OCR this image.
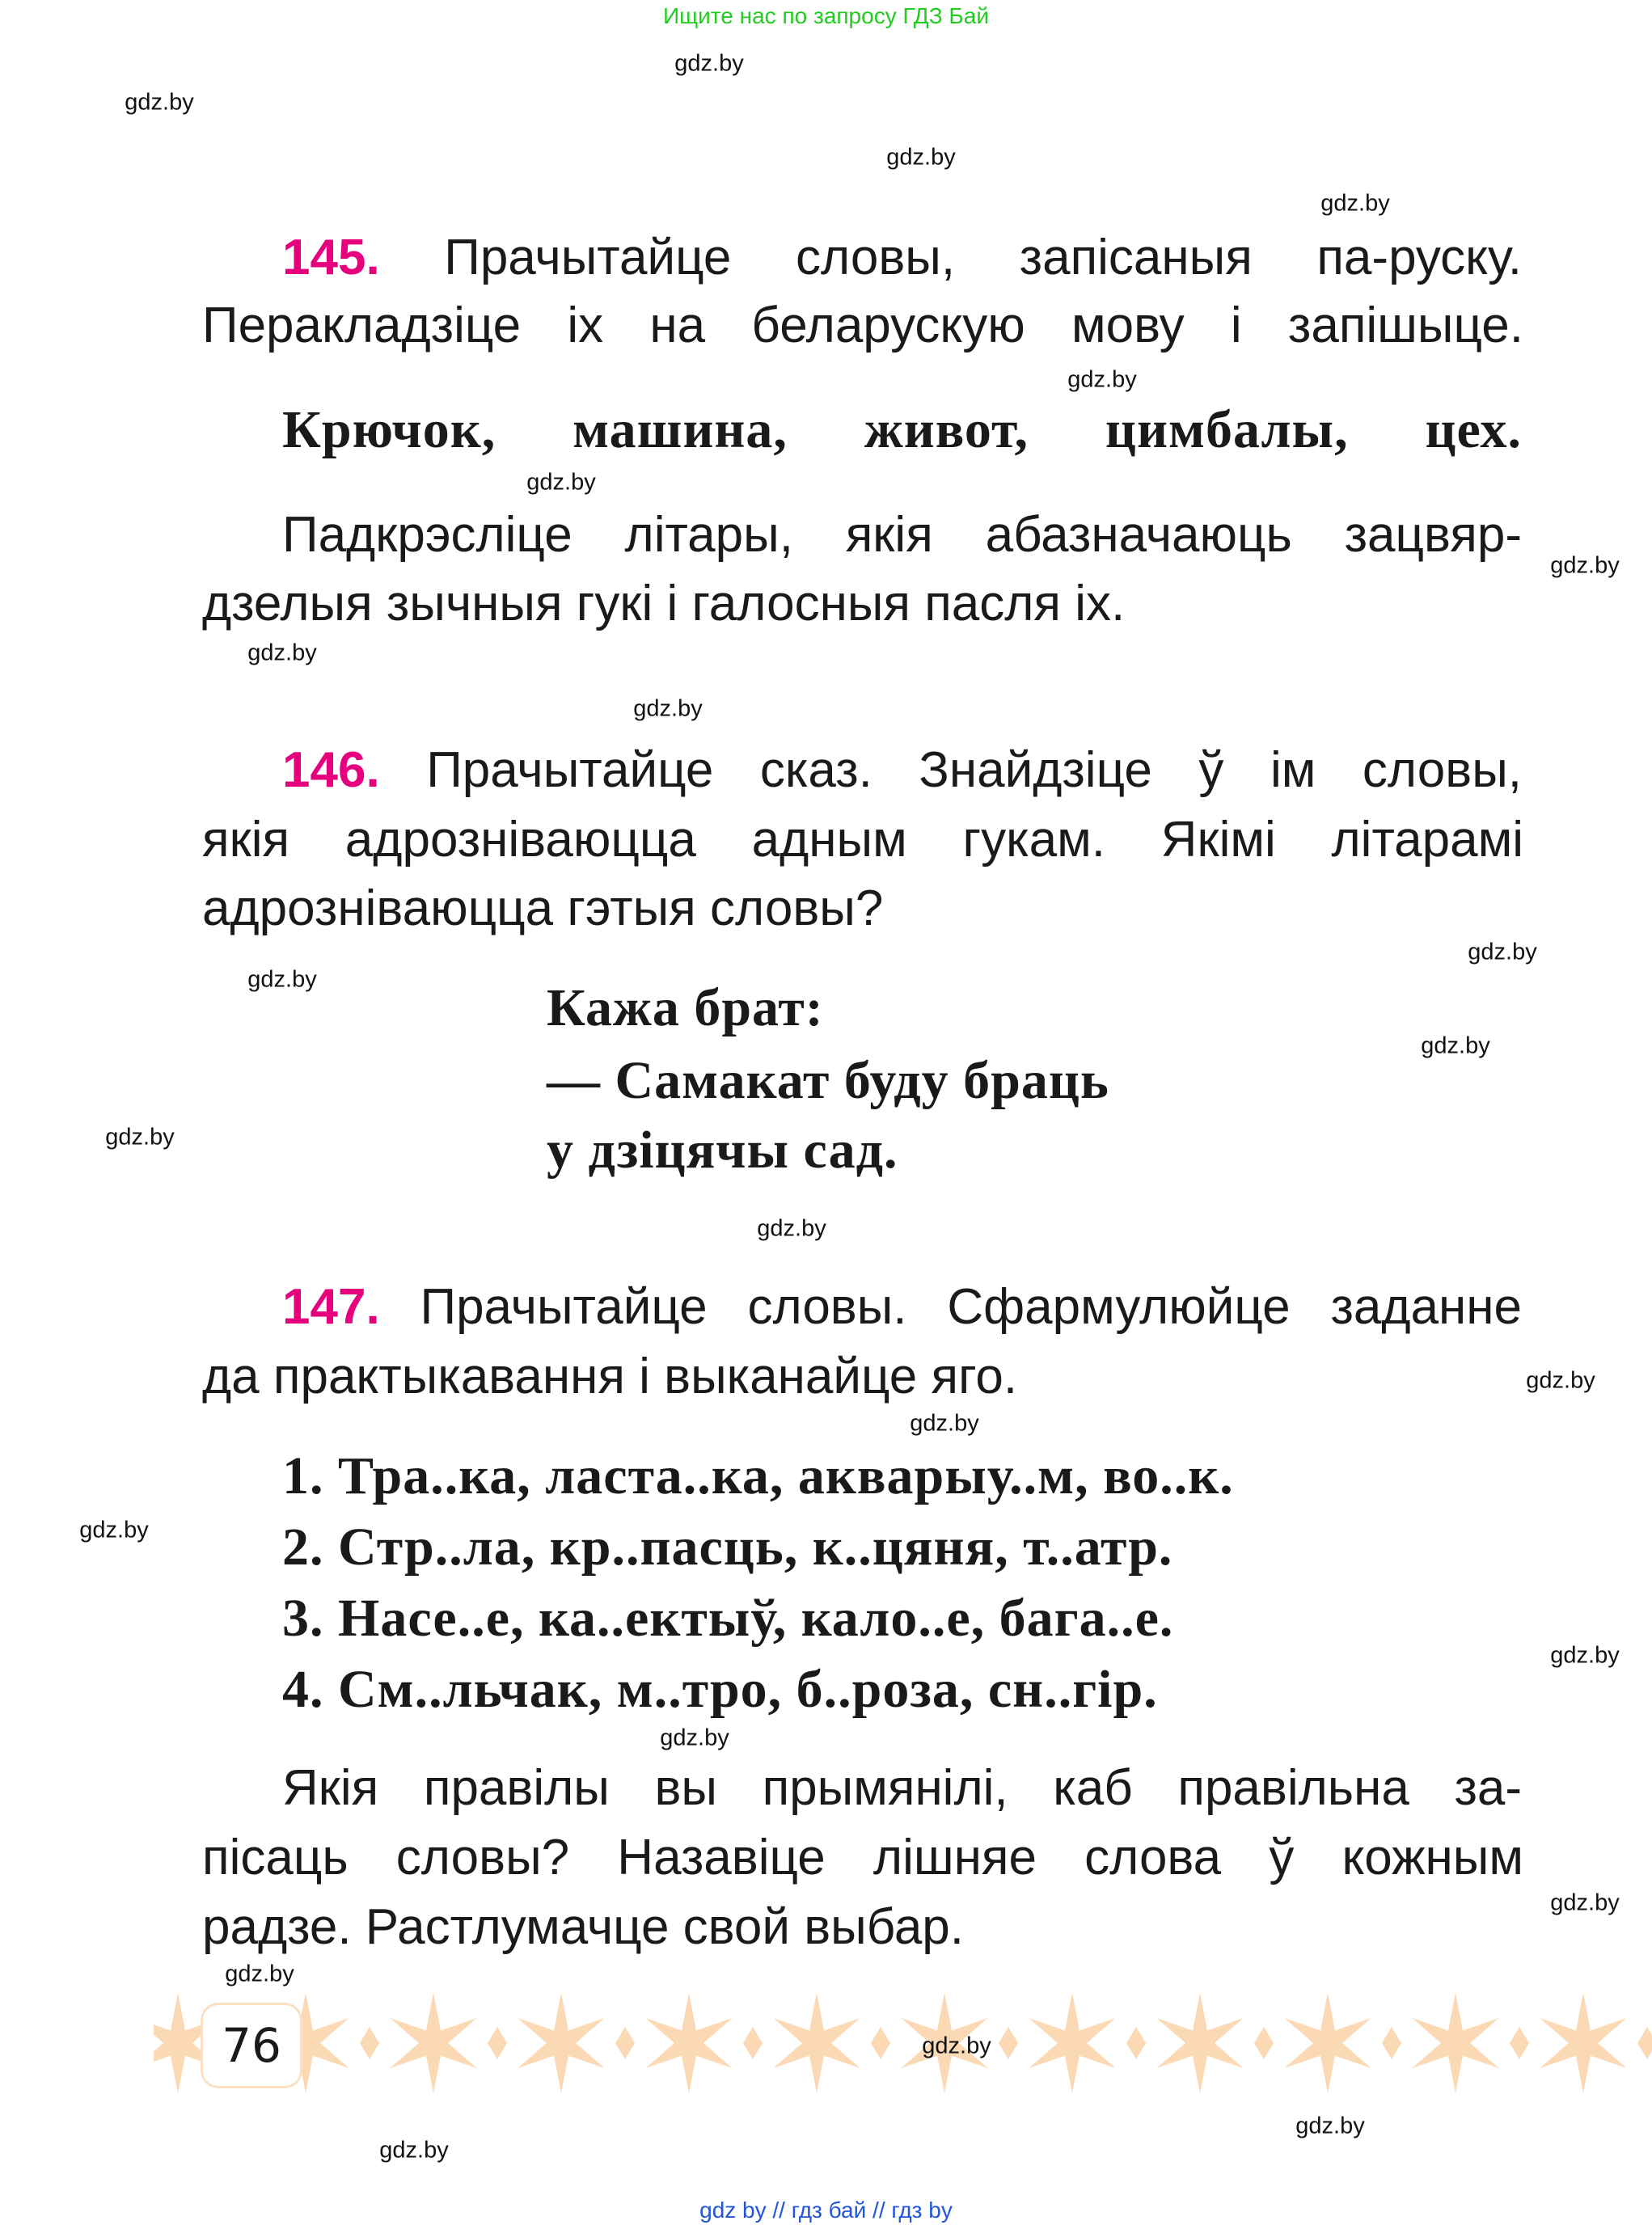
Ищите нас по запросу ГДЗ Бай
gdz.by
gdz.by
gdz.by
gdz.by
gdz.by
gdz.by
gdz.by
gdz.by
gdz.by
gdz.by
gdz.by
gdz.by
gdz.by
gdz.by
gdz.by
gdz.by
gdz.by
gdz.by
gdz.by
gdz.by
gdz.by
gdz.by
gdz.by
gdz.by
145. Прачытайце словы, запісаныя па-руску.
Перакладзіце іх на беларускую мову і запішыце.
Крючок, машина, живот, цимбалы, цех.
Падкрэсліце літары, якія абазначаюць зацвяр-
дзелыя зычныя гукі і галосныя пасля іх.
146. Прачытайце сказ. Знайдзіце ў ім словы,
якія адрозніваюцца адным гукам. Якімі літарамі
адрозніваюцца гэтыя словы?
Кажа брат:
— Самакат буду браць
у дзіцячы сад.
147. Прачытайце словы. Сфармулюйце заданне
да практыкавання і выканайце яго.
1. Тра..ка, ласта..ка, акварыу..м, во..к.
2. Стр..ла, кр..пасць, к..цяня, т..атр.
3. Насе..е, ка..ектыў, кало..е, бага..е.
4. См..льчак, м..тро, б..роза, сн..гір.
Якія правілы вы прымянілі, каб правільна за-
пісаць словы? Назавіце лішняе слова ў кожным
радзе. Растлумачце свой выбар.
76
gdz by // гдз бай // гдз by
